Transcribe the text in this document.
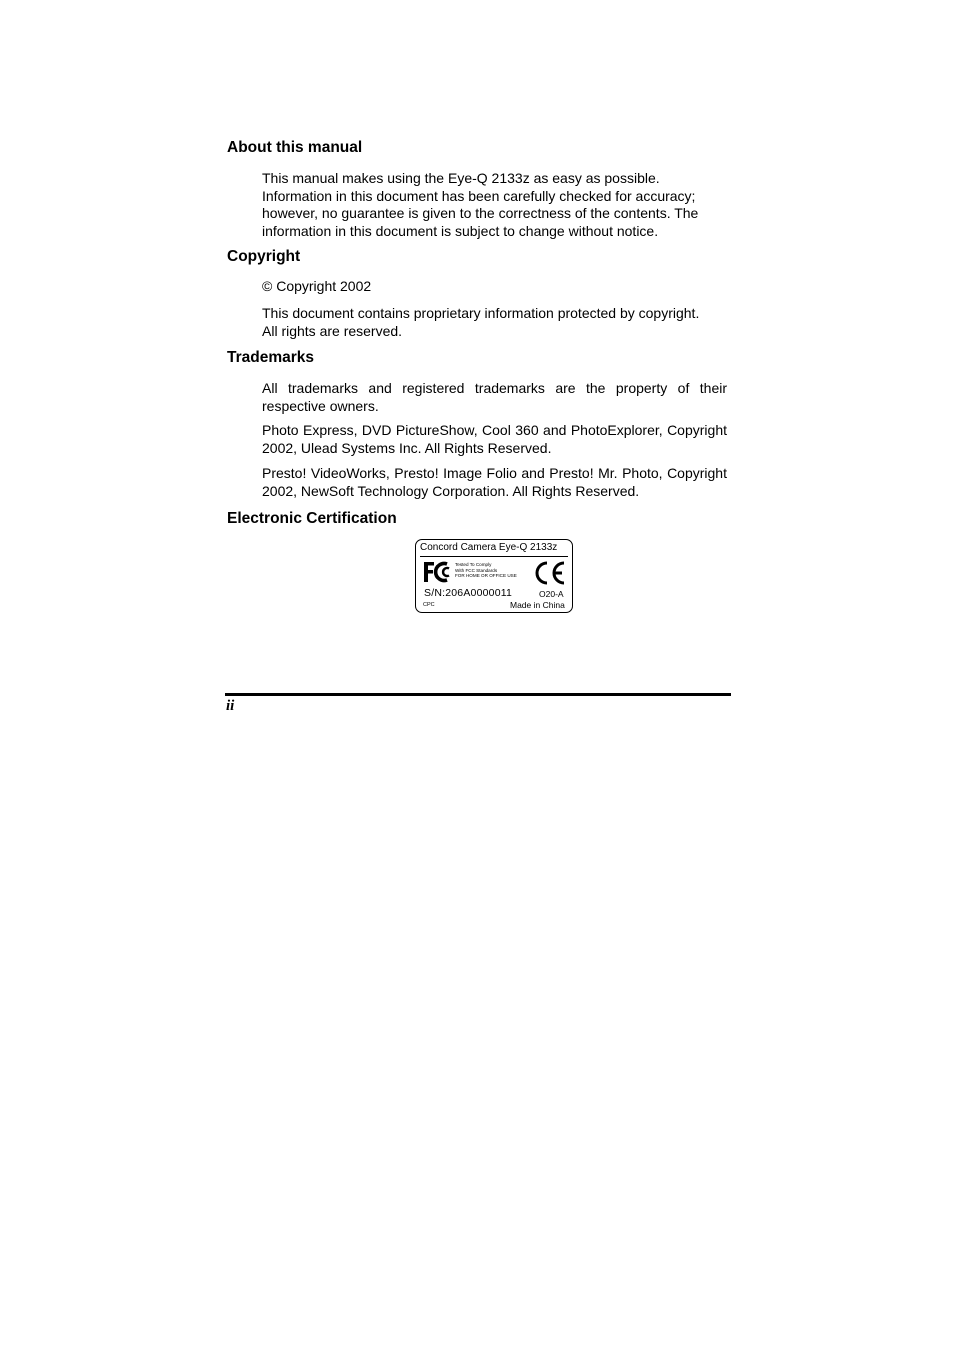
About this manual

This manual makes using the Eye-Q 2133z as easy as possible. Information in this document has been carefully checked for accuracy; however, no guarantee is given to the correctness of the contents. The information in this document is subject to change without notice.

Copyright

© Copyright 2002

This document contains proprietary information protected by copyright. All rights are reserved.

Trademarks

All trademarks and registered trademarks are the property of their respective owners.

Photo Express, DVD PictureShow, Cool 360 and PhotoExplorer, Copyright 2002, Ulead Systems Inc. All Rights Reserved.

Presto! VideoWorks, Presto! Image Folio and Presto! Mr. Photo, Copyright 2002, NewSoft Technology Corporation. All Rights Reserved.

Electronic Certification
Concord Camera Eye-Q 2133z
Tested To Comply
With FCC Standards
FOR HOME OR OFFICE USE
S/N:206A0000011	O20-A
CPC	Made in China
ii
